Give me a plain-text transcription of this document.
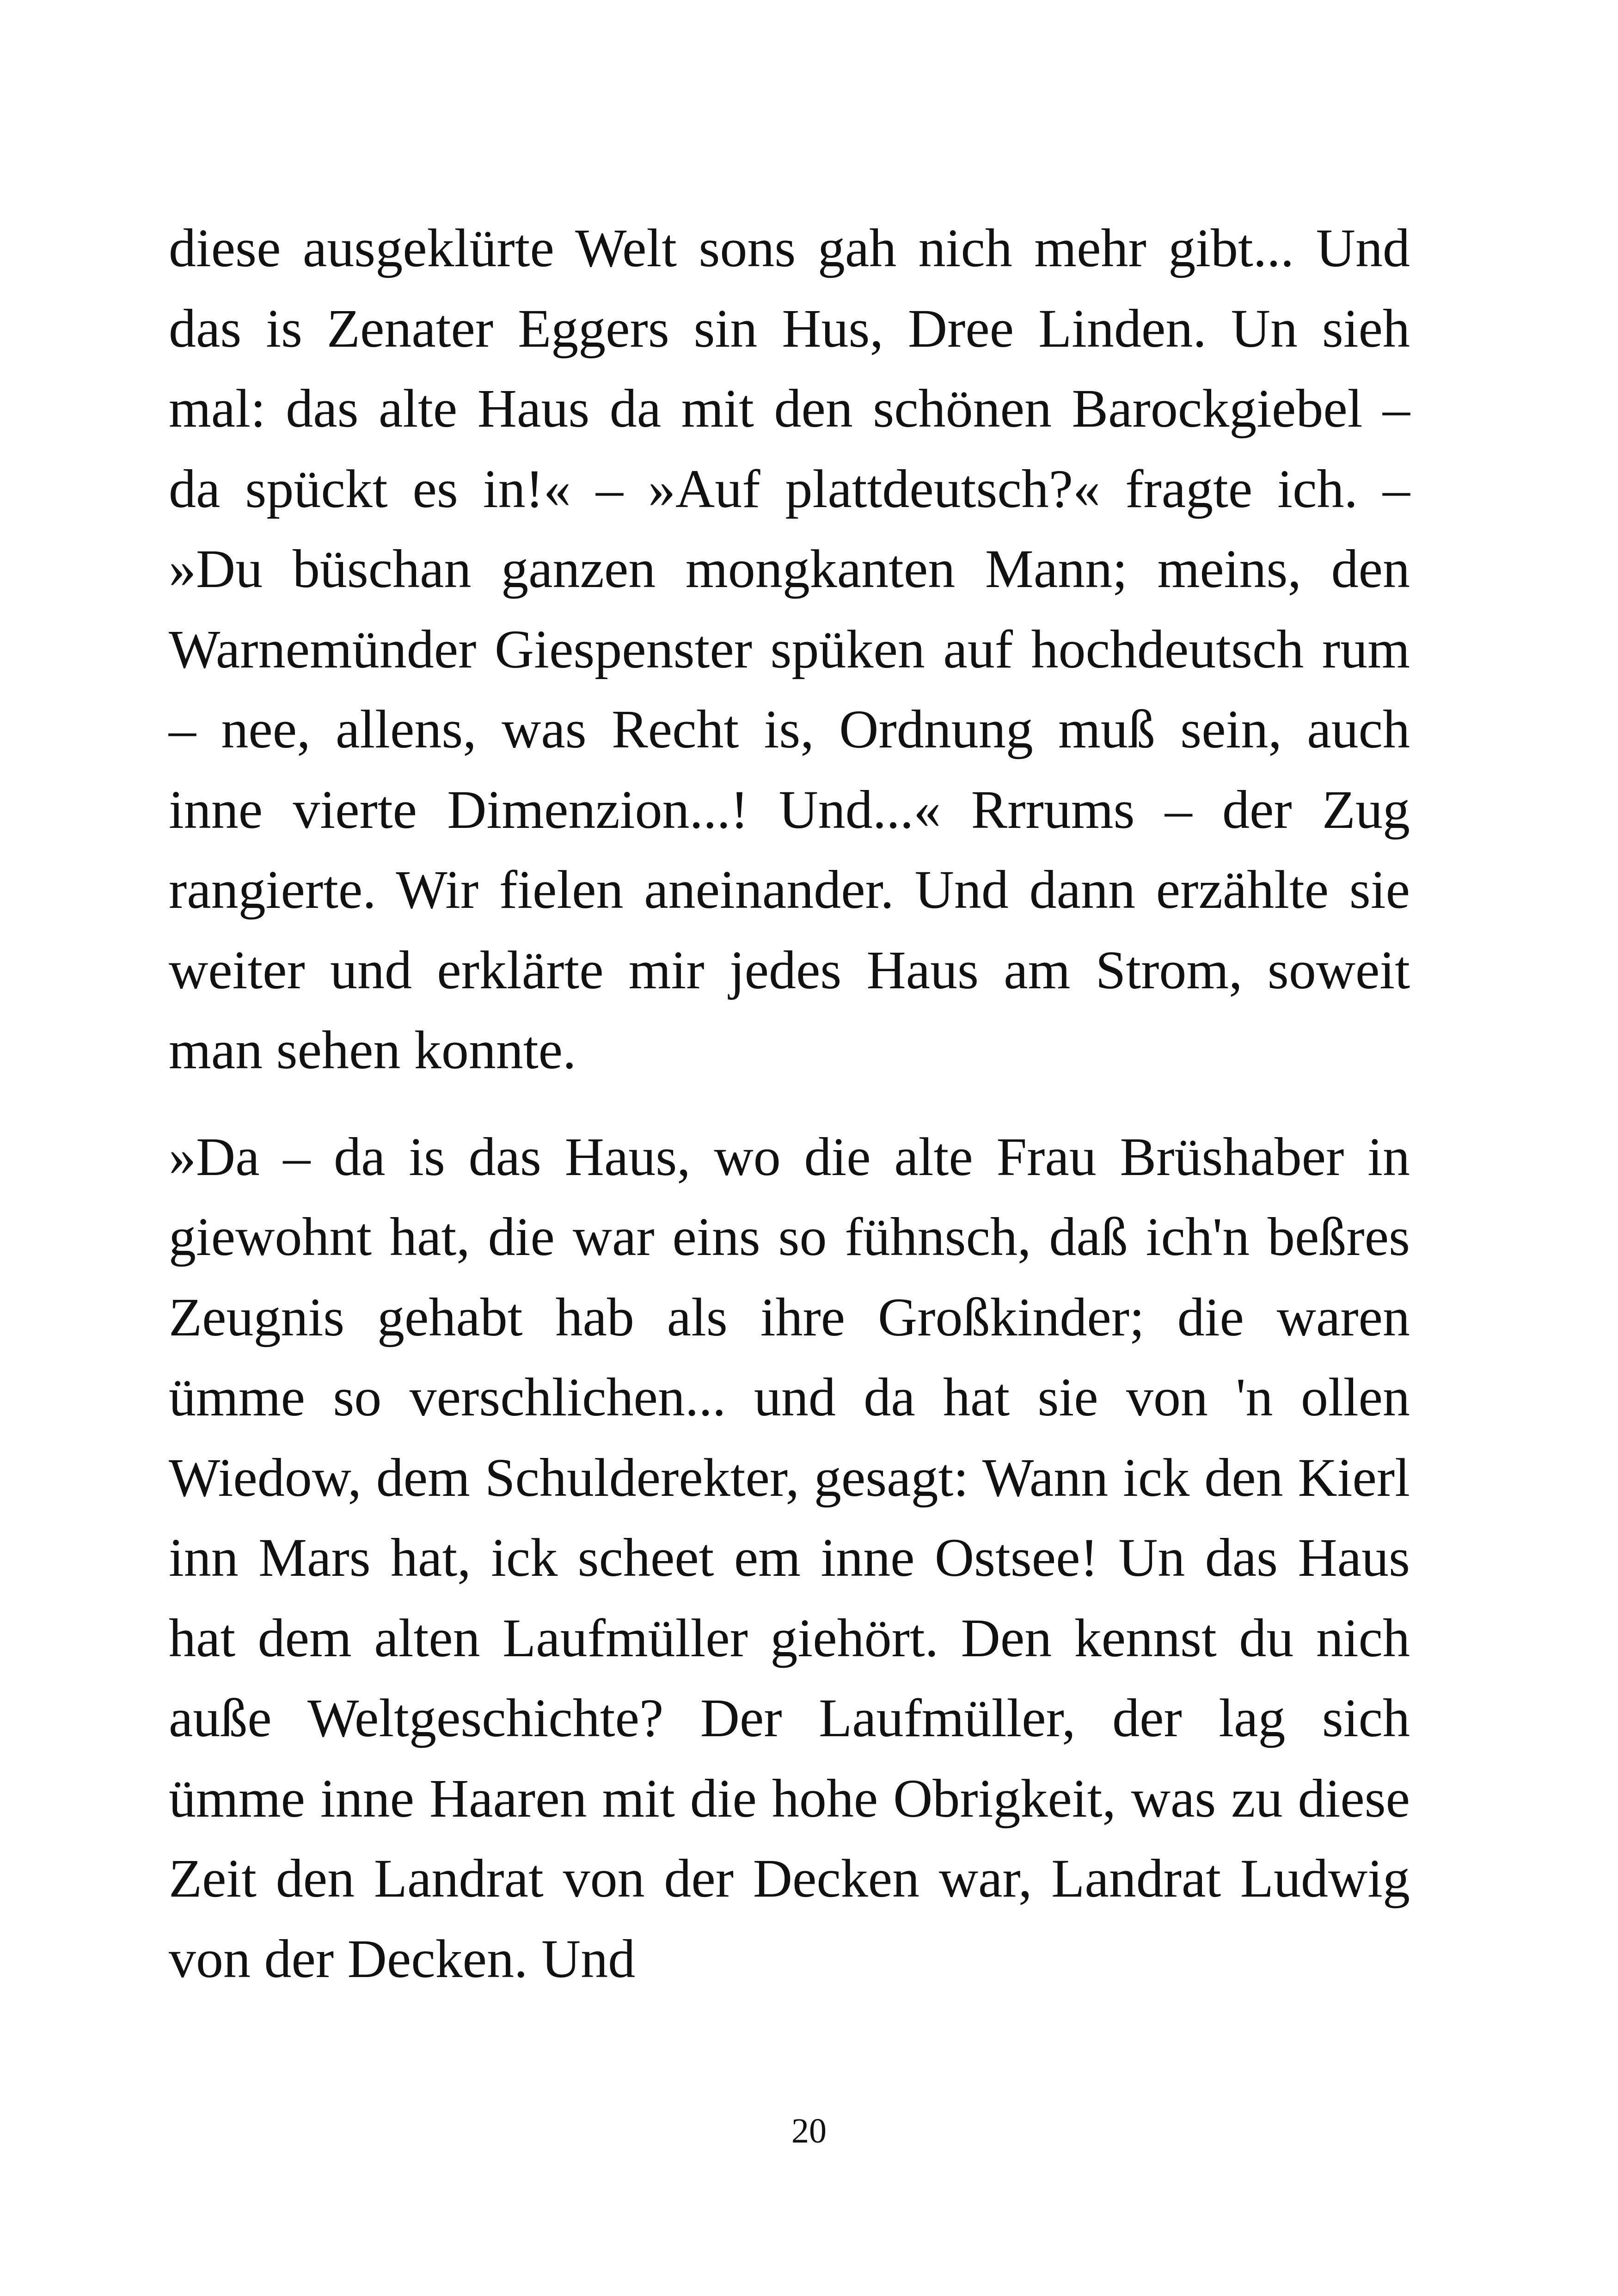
diese ausgeklürte Welt sons gah nich mehr gibt... Und das is Zenater Eggers sin Hus, Dree Linden. Un sieh mal: das alte Haus da mit den schönen Barockgiebel – da spückt es in!« – »Auf plattdeutsch?« fragte ich. – »Du büschan ganzen mongkanten Mann; meins, den Warnemünder Giespenster spüken auf hochdeutsch rum – nee, allens, was Recht is, Ordnung muß sein, auch inne vierte Dimenzion...! Und...« Rrrums – der Zug rangierte. Wir fielen aneinander. Und dann erzählte sie weiter und erklärte mir jedes Haus am Strom, soweit man sehen konnte.

»Da – da is das Haus, wo die alte Frau Brüshaber in giewohnt hat, die war eins so fühnsch, daß ich'n beßres Zeugnis gehabt hab als ihre Großkinder; die waren ümme so verschlichen... und da hat sie von 'n ollen Wiedow, dem Schulderekter, gesagt: Wann ick den Kierl inn Mars hat, ick scheet em inne Ostsee! Un das Haus hat dem alten Laufmüller giehört. Den kennst du nich auße Weltgeschichte? Der Laufmüller, der lag sich ümme inne Haaren mit die hohe Obrigkeit, was zu diese Zeit den Landrat von der Decken war, Landrat Ludwig von der Decken. Und

20
